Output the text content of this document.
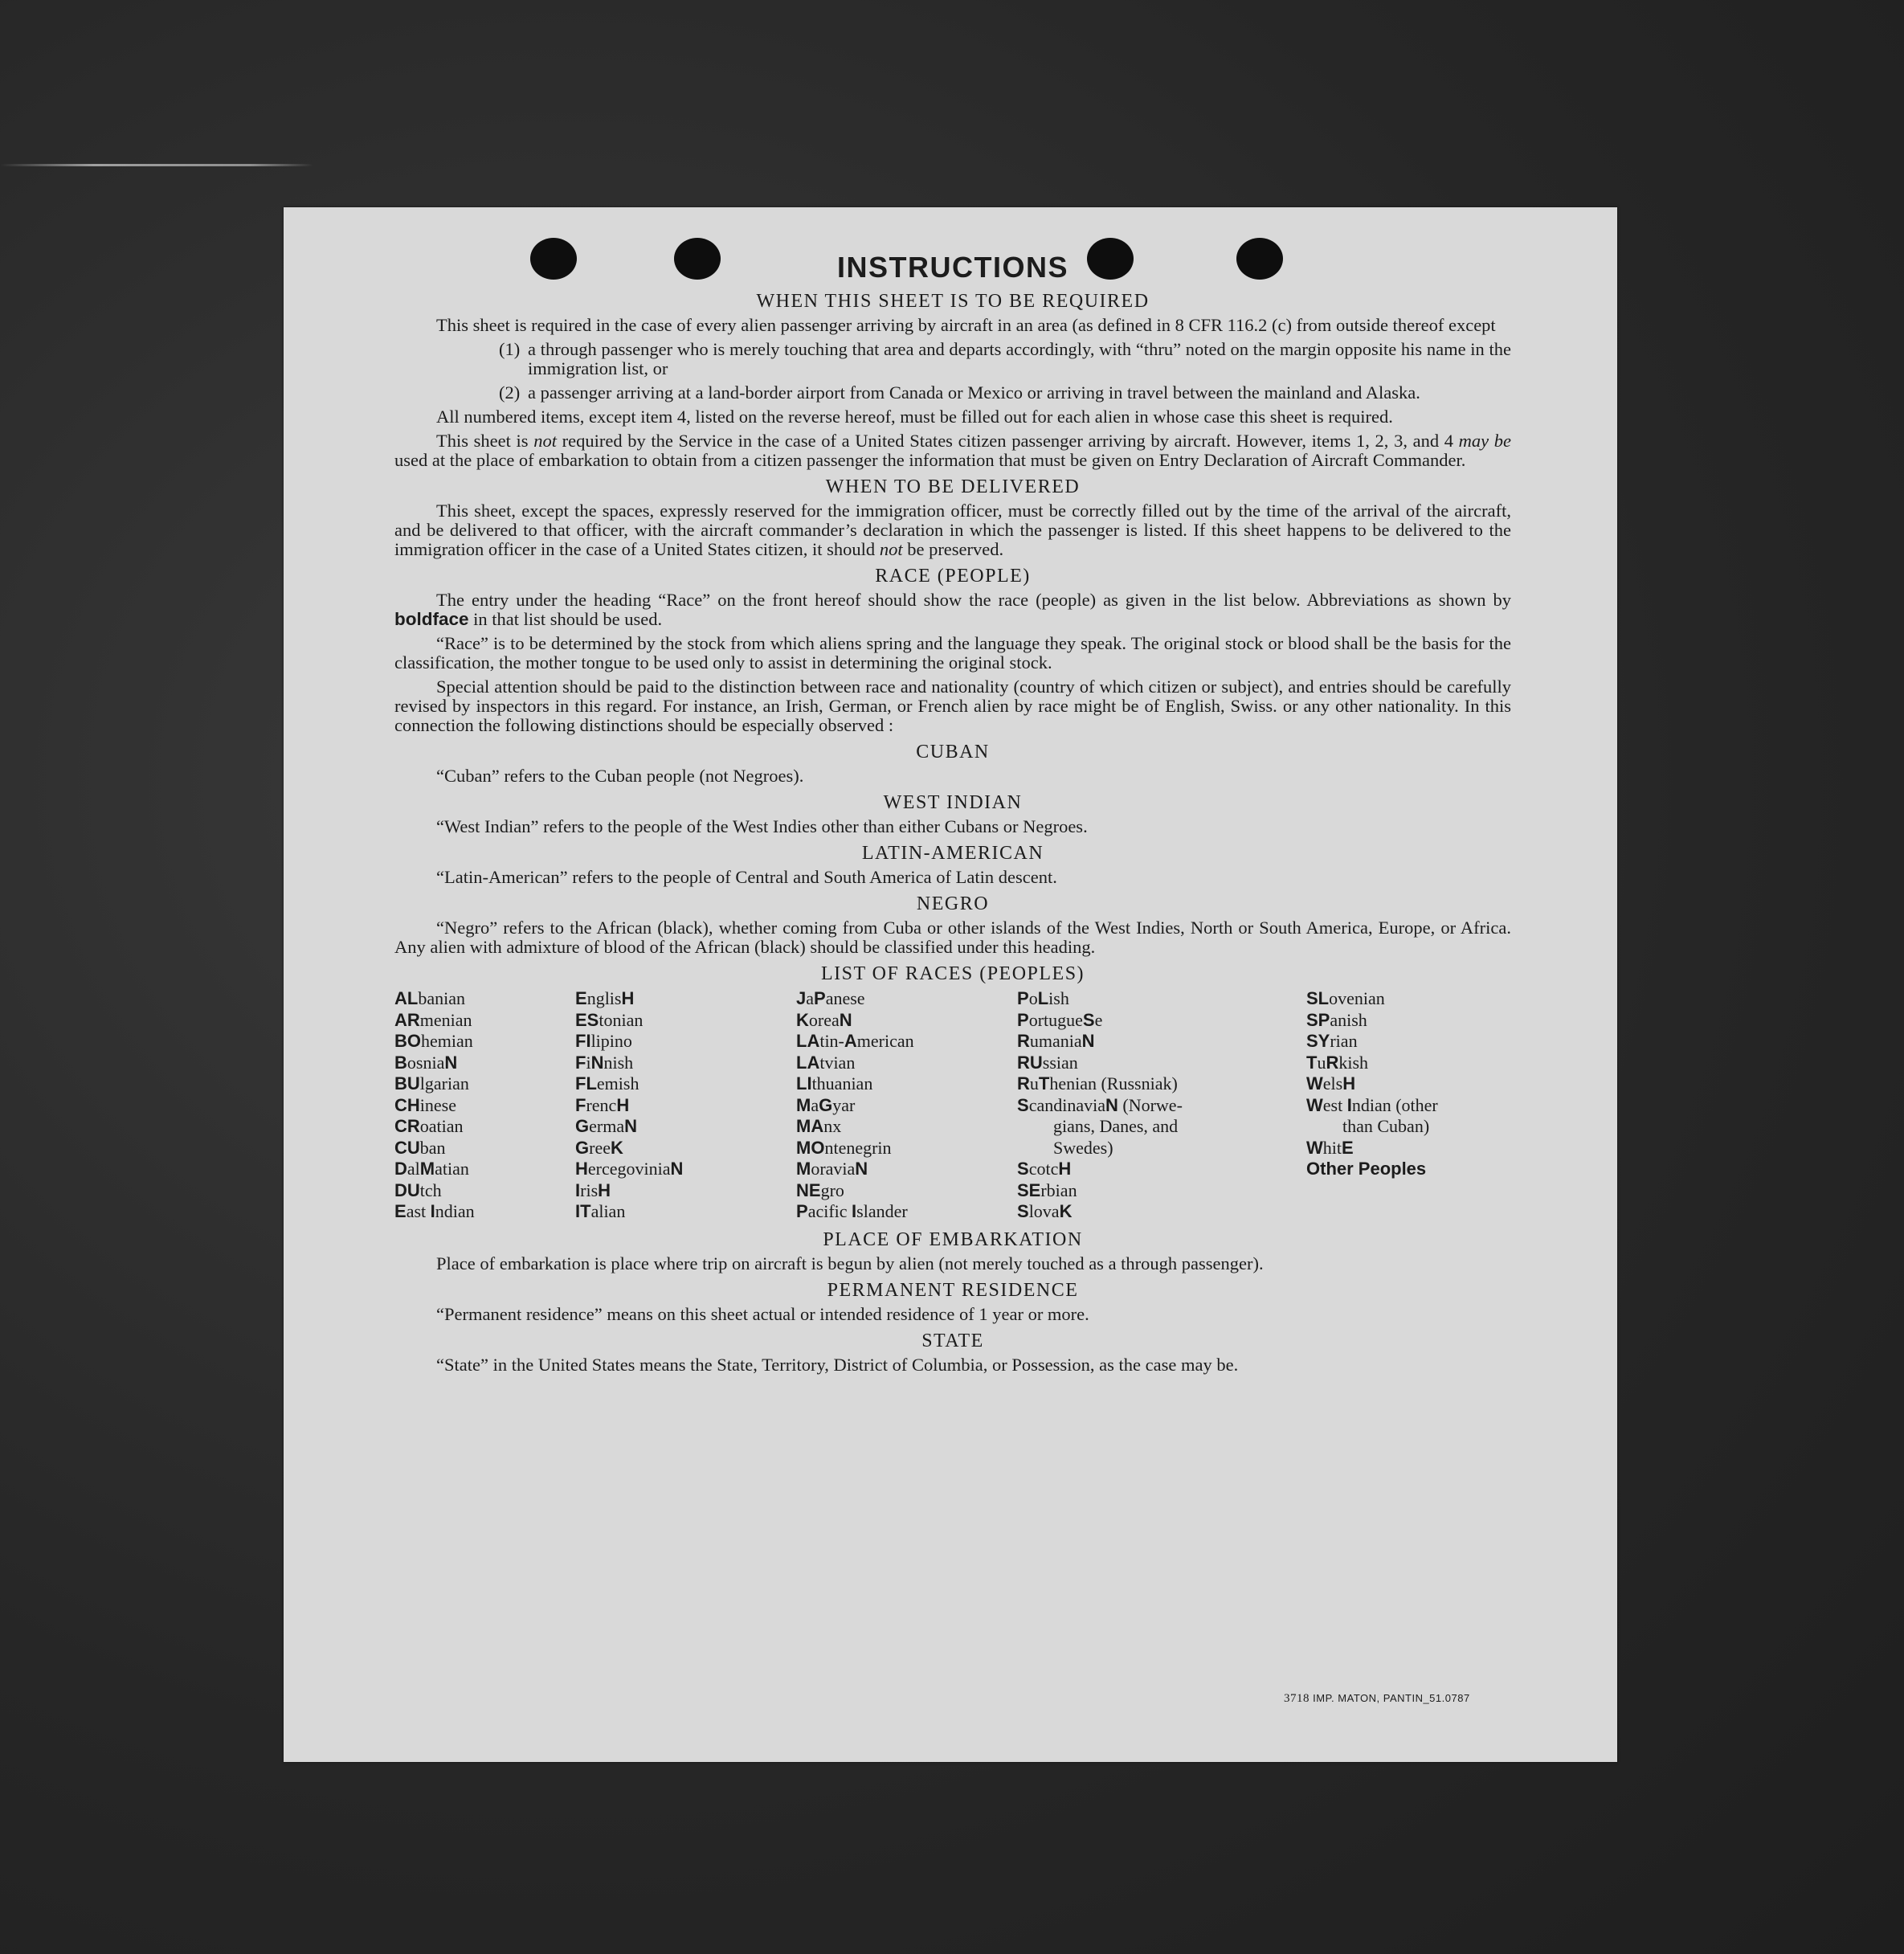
INSTRUCTIONS
WHEN THIS SHEET IS TO BE REQUIRED

This sheet is required in the case of every alien passenger arriving by aircraft in an area (as defined in 8 CFR 116.2 (c) from outside thereof except

(1) a through passenger who is merely touching that area and departs accordingly, with “thru” noted on the margin opposite his name in the immigration list, or
(2) a passenger arriving at a land-border airport from Canada or Mexico or arriving in travel between the mainland and Alaska.

All numbered items, except item 4, listed on the reverse hereof, must be filled out for each alien in whose case this sheet is required.

This sheet is not required by the Service in the case of a United States citizen passenger arriving by aircraft. However, items 1, 2, 3, and 4 may be used at the place of embarkation to obtain from a citizen passenger the information that must be given on Entry Declaration of Aircraft Commander.

WHEN TO BE DELIVERED

This sheet, except the spaces, expressly reserved for the immigration officer, must be correctly filled out by the time of the arrival of the aircraft, and be delivered to that officer, with the aircraft commander’s declaration in which the passenger is listed. If this sheet happens to be delivered to the immigration officer in the case of a United States citizen, it should not be preserved.

RACE (PEOPLE)

The entry under the heading “Race” on the front hereof should show the race (people) as given in the list below. Abbreviations as shown by boldface in that list should be used.

“Race” is to be determined by the stock from which aliens spring and the language they speak. The original stock or blood shall be the basis for the classification, the mother tongue to be used only to assist in determining the original stock.

Special attention should be paid to the distinction between race and nationality (country of which citizen or subject), and entries should be carefully revised by inspectors in this regard. For instance, an Irish, German, or French alien by race might be of English, Swiss. or any other nationality. In this connection the following distinctions should be especially observed :

CUBAN

“Cuban” refers to the Cuban people (not Negroes).

WEST INDIAN

“West Indian” refers to the people of the West Indies other than either Cubans or Negroes.

LATIN-AMERICAN

“Latin-American” refers to the people of Central and South America of Latin descent.

NEGRO

“Negro” refers to the African (black), whether coming from Cuba or other islands of the West Indies, North or South America, Europe, or Africa. Any alien with admixture of blood of the African (black) should be classified under this heading.

LIST OF RACES (PEOPLES)
ALbanian
ARmenian
BOhemian
BosniaN
BUlgarian
CHinese
CRoatian
CUban
DalMatian
DUtch
East Indian
EnglisH
EStonian
FIlipino
FiNnish
FLemish
FrencH
GermaN
GreeK
HercegoviniaN
IrisH
ITalian
JaPanese
KoreaN
LAtin-American
LAtvian
LIthuanian
MaGyar
MAnx
MOntenegrin
MoraviaN
NEgro
Pacific Islander
PoLish
PortugueSe
RumaniaN
RUssian
RuThenian (Russniak)
ScandinaviaN (Norwe-
gians, Danes, and
Swedes)
ScotcH
SErbian
SlovaK
SLovenian
SPanish
SYrian
TuRkish
WelsH
West Indian (other
than Cuban)
WhitE
Other Peoples
PLACE OF EMBARKATION

Place of embarkation is place where trip on aircraft is begun by alien (not merely touched as a through passenger).

PERMANENT RESIDENCE

“Permanent residence” means on this sheet actual or intended residence of 1 year or more.

STATE

“State” in the United States means the State, Territory, District of Columbia, or Possession, as the case may be.

3718 IMP. MATON, PANTIN_51.0787
